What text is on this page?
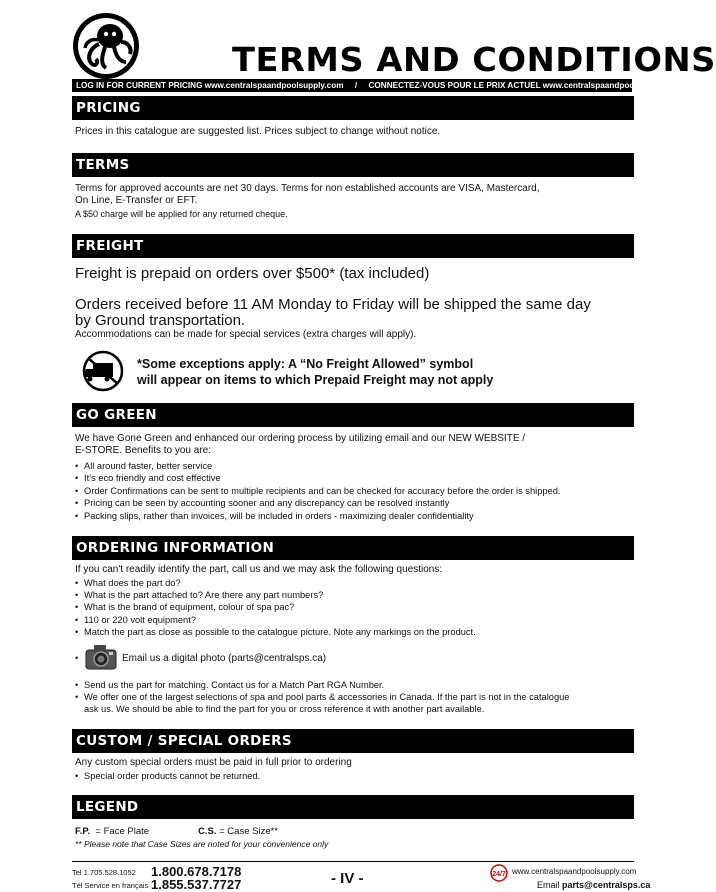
TERMS AND CONDITIONS
LOG IN FOR CURRENT PRICING www.centralspaandpoolsupply.com / CONNECTEZ-VOUS POUR LE PRIX ACTUEL www.centralspaandpoolsupply.com
PRICING
Prices in this catalogue are suggested list. Prices subject to change without notice.
TERMS
Terms for approved accounts are net 30 days. Terms for non established accounts are VISA, Mastercard,
On Line, E-Transfer or EFT.
A $50 charge will be applied for any returned cheque.
FREIGHT
Freight is prepaid on orders over $500* (tax included)
Orders received before 11 AM Monday to Friday will be shipped the same day
by Ground transportation.
Accommodations can be made for special services (extra charges will apply).
*Some exceptions apply: A “No Freight Allowed” symbol
will appear on items to which Prepaid Freight may not apply
GO GREEN
We have Gone Green and enhanced our ordering process by utilizing email and our NEW WEBSITE /
E-STORE. Benefits to you are:
• All around faster, better service
• It’s eco friendly and cost effective
• Order Confirmations can be sent to multiple recipients and can be checked for accuracy before the order is shipped.
• Pricing can be seen by accounting sooner and any discrepancy can be resolved instantly
• Packing slips, rather than invoices, will be included in orders - maximizing dealer confidentiality
ORDERING INFORMATION
If you can't readily identify the part, call us and we may ask the following questions:
• What does the part do?
• What is the part attached to? Are there any part numbers?
• What is the brand of equipment, colour of spa pac?
• 110 or 220 volt equipment?
• Match the part as close as possible to the catalogue picture. Note any markings on the product.
•	Email us a digital photo (parts@centralsps.ca)
• Send us the part for matching. Contact us for a Match Part RGA Number.
• We offer one of the largest selections of spa and pool parts & accessories in Canada. If the part is not in the catalogue
ask us. We should be able to find the part for you or cross reference it with another part available.
CUSTOM / SPECIAL ORDERS
Any custom special orders must be paid in full prior to ordering
• Special order products cannot be returned.
LEGEND
F.P. = Face Plate	C.S. = Case Size**
** Please note that Case Sizes are noted for your convenience only
Tel 1.705.528.1052 1.800.678.7178
Tél Service en français 1.855.537.7727	- IV -	24/7 www.centralspaandpoolsupply.com
Email parts@centralsps.ca
